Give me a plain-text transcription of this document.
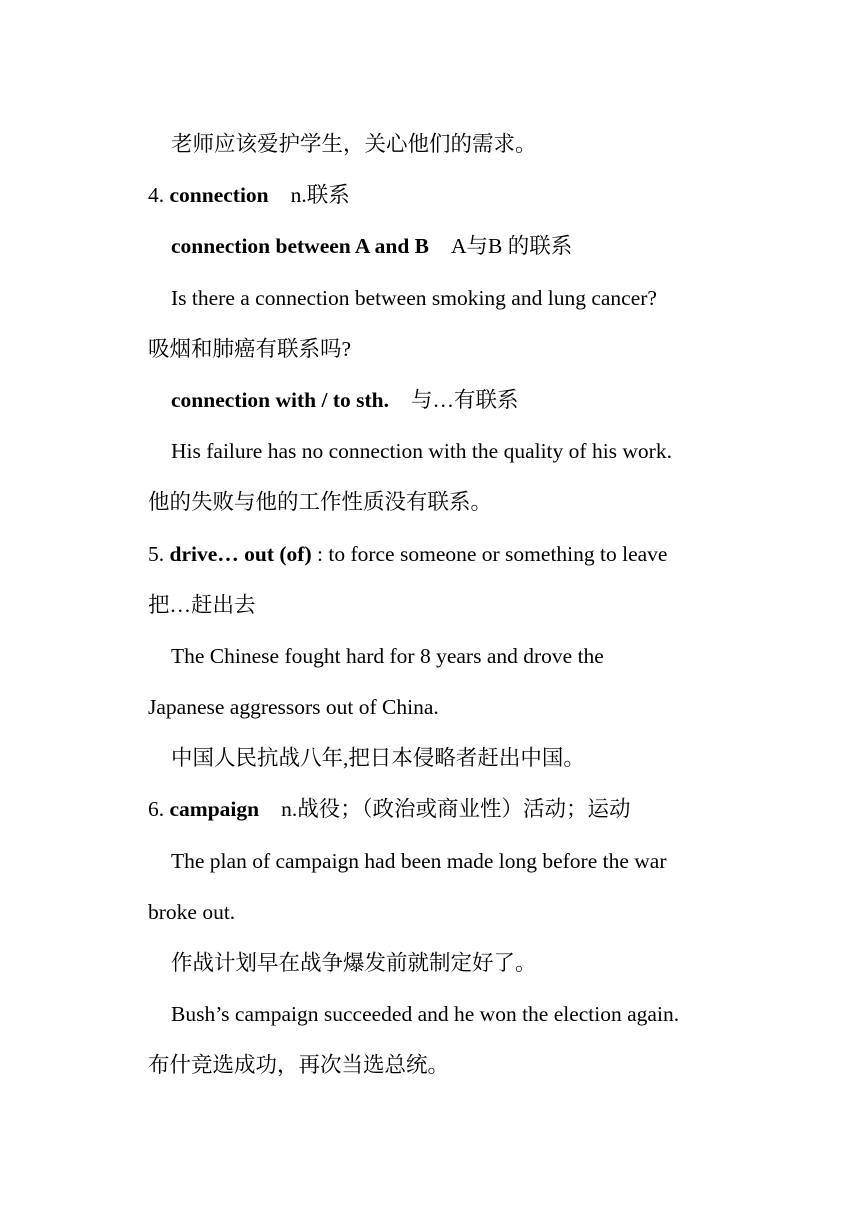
老师应该爱护学生，关心他们的需求。
4. connection n.联系
connection between A and B A与B 的联系
Is there a connection between smoking and lung cancer?
吸烟和肺癌有联系吗?
connection with / to sth. 与…有联系
His failure has no connection with the quality of his work.
他的失败与他的工作性质没有联系。
5. drive… out (of) : to force someone or something to leave
把…赶出去
The Chinese fought hard for 8 years and drove the
Japanese aggressors out of China.
中国人民抗战八年,把日本侵略者赶出中国。
6. campaign n.战役；（政治或商业性）活动；运动
The plan of campaign had been made long before the war
broke out.
作战计划早在战争爆发前就制定好了。
Bush’s campaign succeeded and he won the election again.
布什竞选成功，再次当选总统。
